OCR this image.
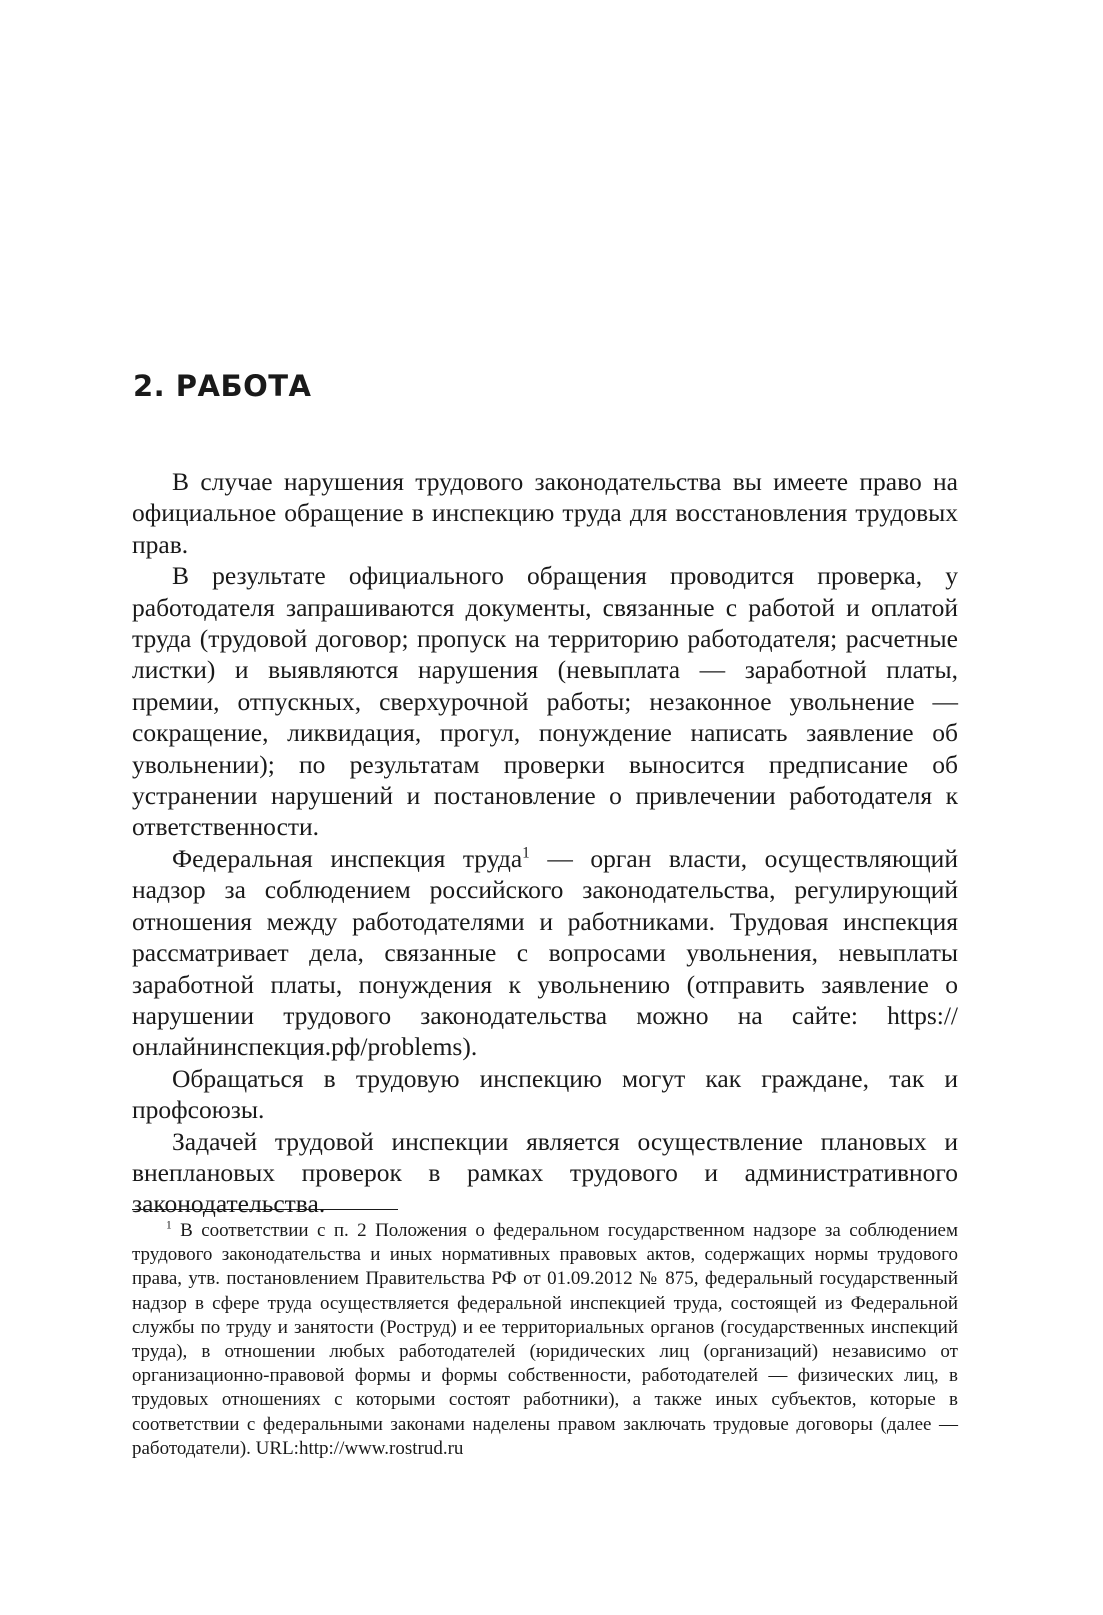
2. РАБОТА

В случае нарушения трудового законодательства вы имеете право на официальное обращение в инспекцию труда для восстановления трудовых прав.

В результате официального обращения проводится проверка, у работодателя запрашиваются документы, связанные с работой и оплатой труда (трудовой договор; пропуск на территорию работодателя; расчетные листки) и выявляются нарушения (невыплата — заработной платы, премии, отпускных, сверхурочной работы; незаконное увольнение — сокращение, ликвидация, прогул, понуждение написать заявление об увольнении); по результатам проверки выносится предписание об устранении нарушений и постановление о привлечении работодателя к ответственности.

Федеральная инспекция труда$^1$ — орган власти, осуществляющий надзор за соблюдением российского законодательства, регулирующий отношения между работодателями и работниками. Трудовая инспекция рассматривает дела, связанные с вопросами увольнения, невыплаты заработной платы, понуждения к увольнению (отправить заявление о нарушении трудового законодательства можно на сайте: https://онлайнинспекция.рф/problems).

Обращаться в трудовую инспекцию могут как граждане, так и профсоюзы.

Задачей трудовой инспекции является осуществление плановых и внеплановых проверок в рамках трудового и административного законодательства.

$^1$ В соответствии с п. 2 Положения о федеральном государственном надзоре за соблюдением трудового законодательства и иных нормативных правовых актов, содержащих нормы трудового права, утв. постановлением Правительства РФ от 01.09.2012 № 875, федеральный государственный надзор в сфере труда осуществляется федеральной инспекцией труда, состоящей из Федеральной службы по труду и занятости (Роструд) и ее территориальных органов (государственных инспекций труда), в отношении любых работодателей (юридических лиц (организаций) независимо от организационно-правовой формы и формы собственности, работодателей — физических лиц, в трудовых отношениях с которыми состоят работники), а также иных субъектов, которые в соответствии с федеральными законами наделены правом заключать трудовые договоры (далее — работодатели). URL:http://www.rostrud.ru
